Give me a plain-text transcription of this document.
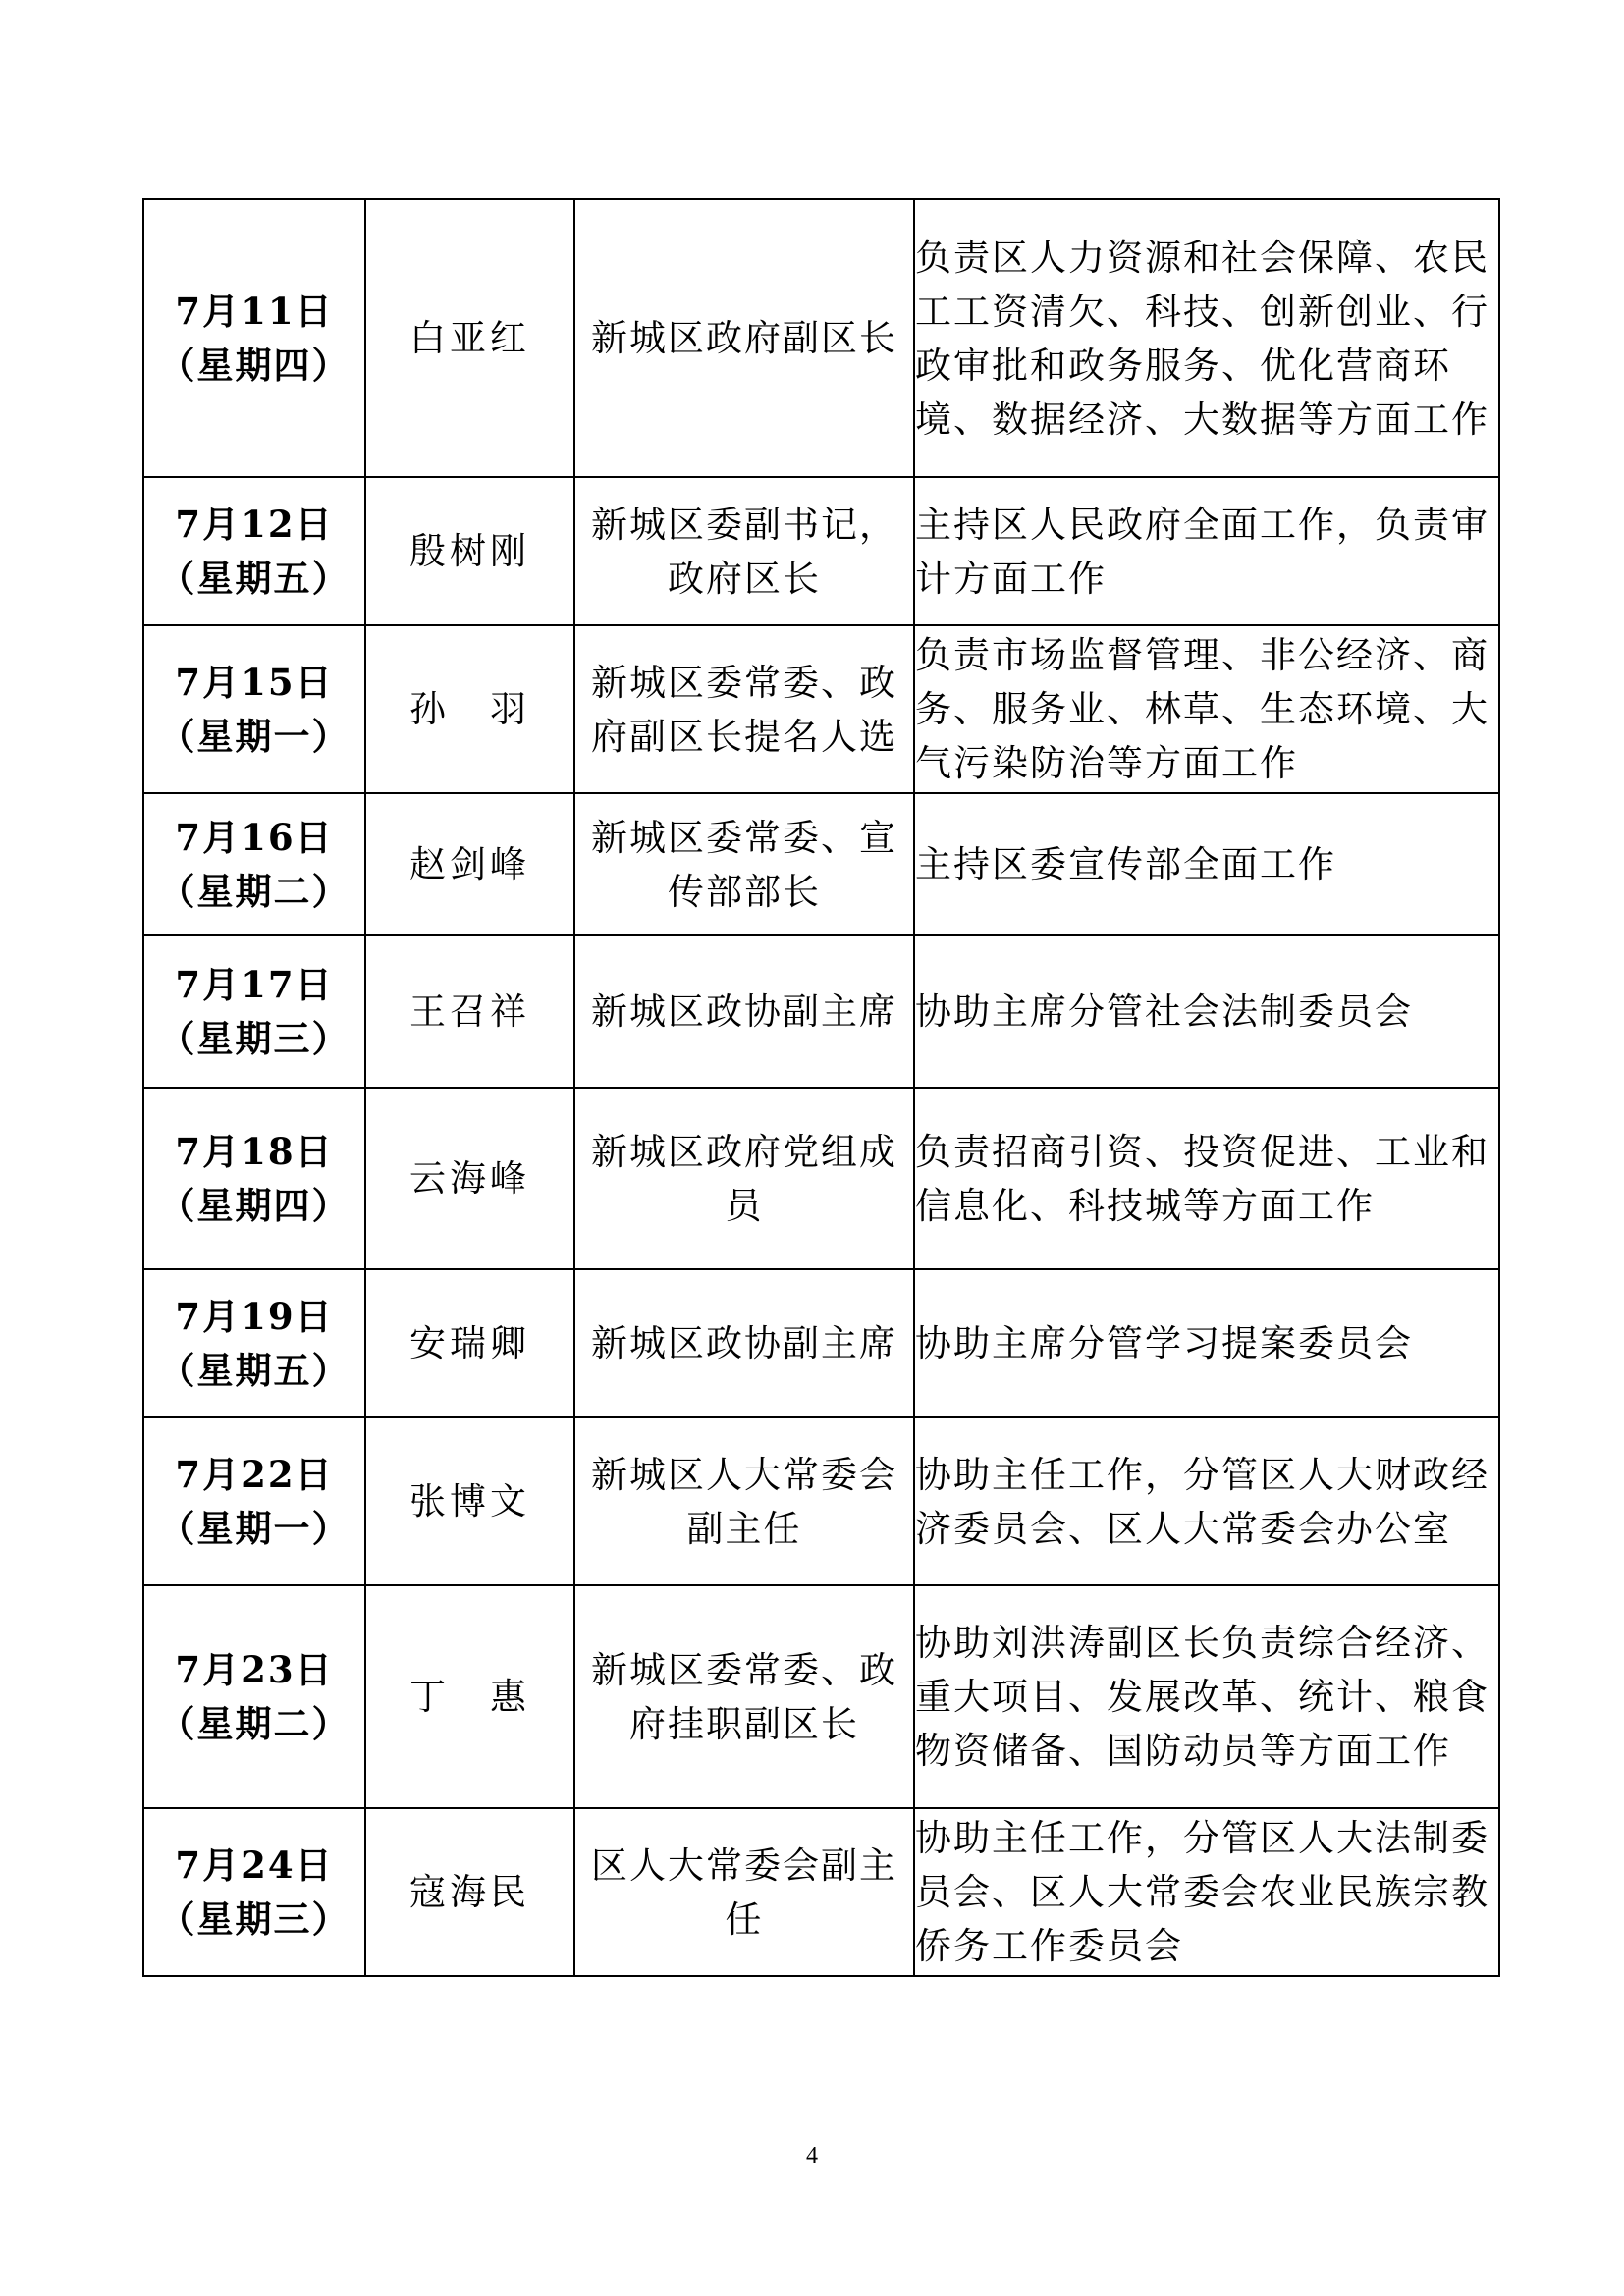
7月11日
（星期四）	白亚红	新城区政府副区长	负责区人力资源和社会保障、农民工工资清欠、科技、创新创业、行政审批和政务服务、优化营商环境、数据经济、大数据等方面工作

7月12日
（星期五）	殷树刚	新城区委副书记，政府区长	主持区人民政府全面工作，负责审计方面工作

7月15日
（星期一）	孙　羽	新城区委常委、政府副区长提名人选	负责市场监督管理、非公经济、商务、服务业、林草、生态环境、大气污染防治等方面工作

7月16日
（星期二）	赵剑峰	新城区委常委、宣传部部长	主持区委宣传部全面工作

7月17日
（星期三）	王召祥	新城区政协副主席	协助主席分管社会法制委员会

7月18日
（星期四）	云海峰	新城区政府党组成员	负责招商引资、投资促进、工业和信息化、科技城等方面工作

7月19日
（星期五）	安瑞卿	新城区政协副主席	协助主席分管学习提案委员会

7月22日
（星期一）	张博文	新城区人大常委会副主任	协助主任工作，分管区人大财政经济委员会、区人大常委会办公室

7月23日
（星期二）	丁　惠	新城区委常委、政府挂职副区长	协助刘洪涛副区长负责综合经济、重大项目、发展改革、统计、粮食物资储备、国防动员等方面工作

7月24日
（星期三）	寇海民	区人大常委会副主任	协助主任工作，分管区人大法制委员会、区人大常委会农业民族宗教侨务工作委员会
4
